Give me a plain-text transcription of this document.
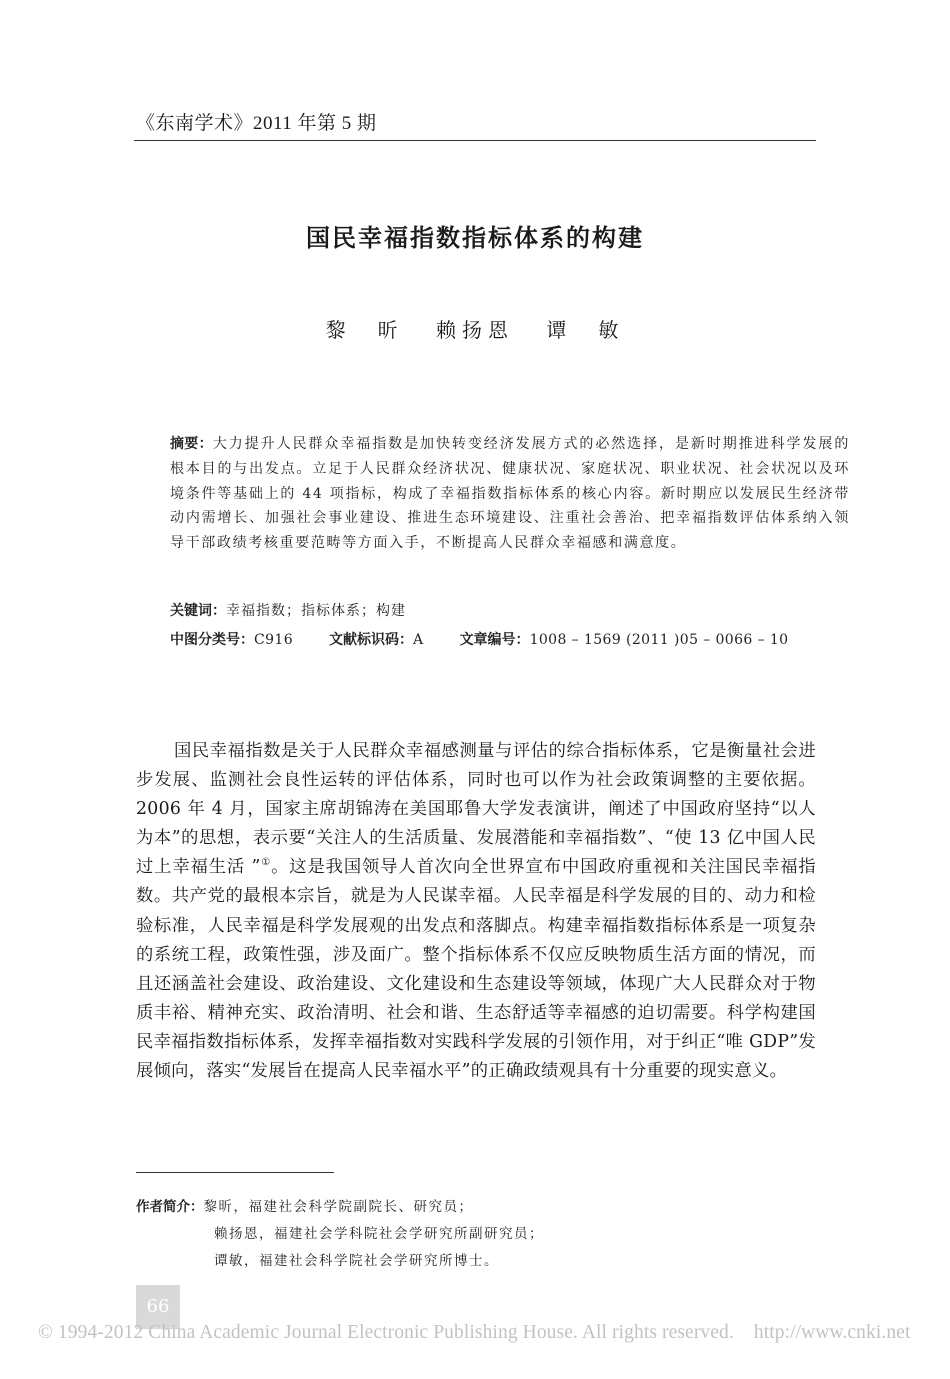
《东南学术》2011 年第 5 期
国民幸福指数指标体系的构建
黎　昕 赖扬恩 谭　敏
摘要：大力提升人民群众幸福指数是加快转变经济发展方式的必然选择，是新时期推进科学发展的根本目的与出发点。立足于人民群众经济状况、健康状况、家庭状况、职业状况、社会状况以及环境条件等基础上的 44 项指标，构成了幸福指数指标体系的核心内容。新时期应以发展民生经济带动内需增长、加强社会事业建设、推进生态环境建设、注重社会善治、把幸福指数评估体系纳入领导干部政绩考核重要范畴等方面入手，不断提高人民群众幸福感和满意度。
关键词：幸福指数；指标体系；构建
中图分类号：C916	文献标识码：A	文章编号：1008 – 1569 (2011 )05 – 0066 – 10
国民幸福指数是关于人民群众幸福感测量与评估的综合指标体系，它是衡量社会进步发展、监测社会良性运转的评估体系，同时也可以作为社会政策调整的主要依据。2006 年 4 月，国家主席胡锦涛在美国耶鲁大学发表演讲，阐述了中国政府坚持“以人为本”的思想，表示要“关注人的生活质量、发展潜能和幸福指数”、“使 13 亿中国人民过上幸福生活 ”①。这是我国领导人首次向全世界宣布中国政府重视和关注国民幸福指数。共产党的最根本宗旨，就是为人民谋幸福。人民幸福是科学发展的目的、动力和检验标准，人民幸福是科学发展观的出发点和落脚点。构建幸福指数指标体系是一项复杂的系统工程，政策性强，涉及面广。整个指标体系不仅应反映物质生活方面的情况，而且还涵盖社会建设、政治建设、文化建设和生态建设等领域，体现广大人民群众对于物质丰裕、精神充实、政治清明、社会和谐、生态舒适等幸福感的迫切需要。科学构建国民幸福指数指标体系，发挥幸福指数对实践科学发展的引领作用，对于纠正“唯 GDP”发展倾向，落实“发展旨在提高人民幸福水平”的正确政绩观具有十分重要的现实意义。
作者简介：黎昕，福建社会科学院副院长、研究员；
赖扬恩，福建社会学科院社会学研究所副研究员；
谭敏，福建社会科学院社会学研究所博士。
66
© 1994-2012 China Academic Journal Electronic Publishing House. All rights reserved. http://www.cnki.net
